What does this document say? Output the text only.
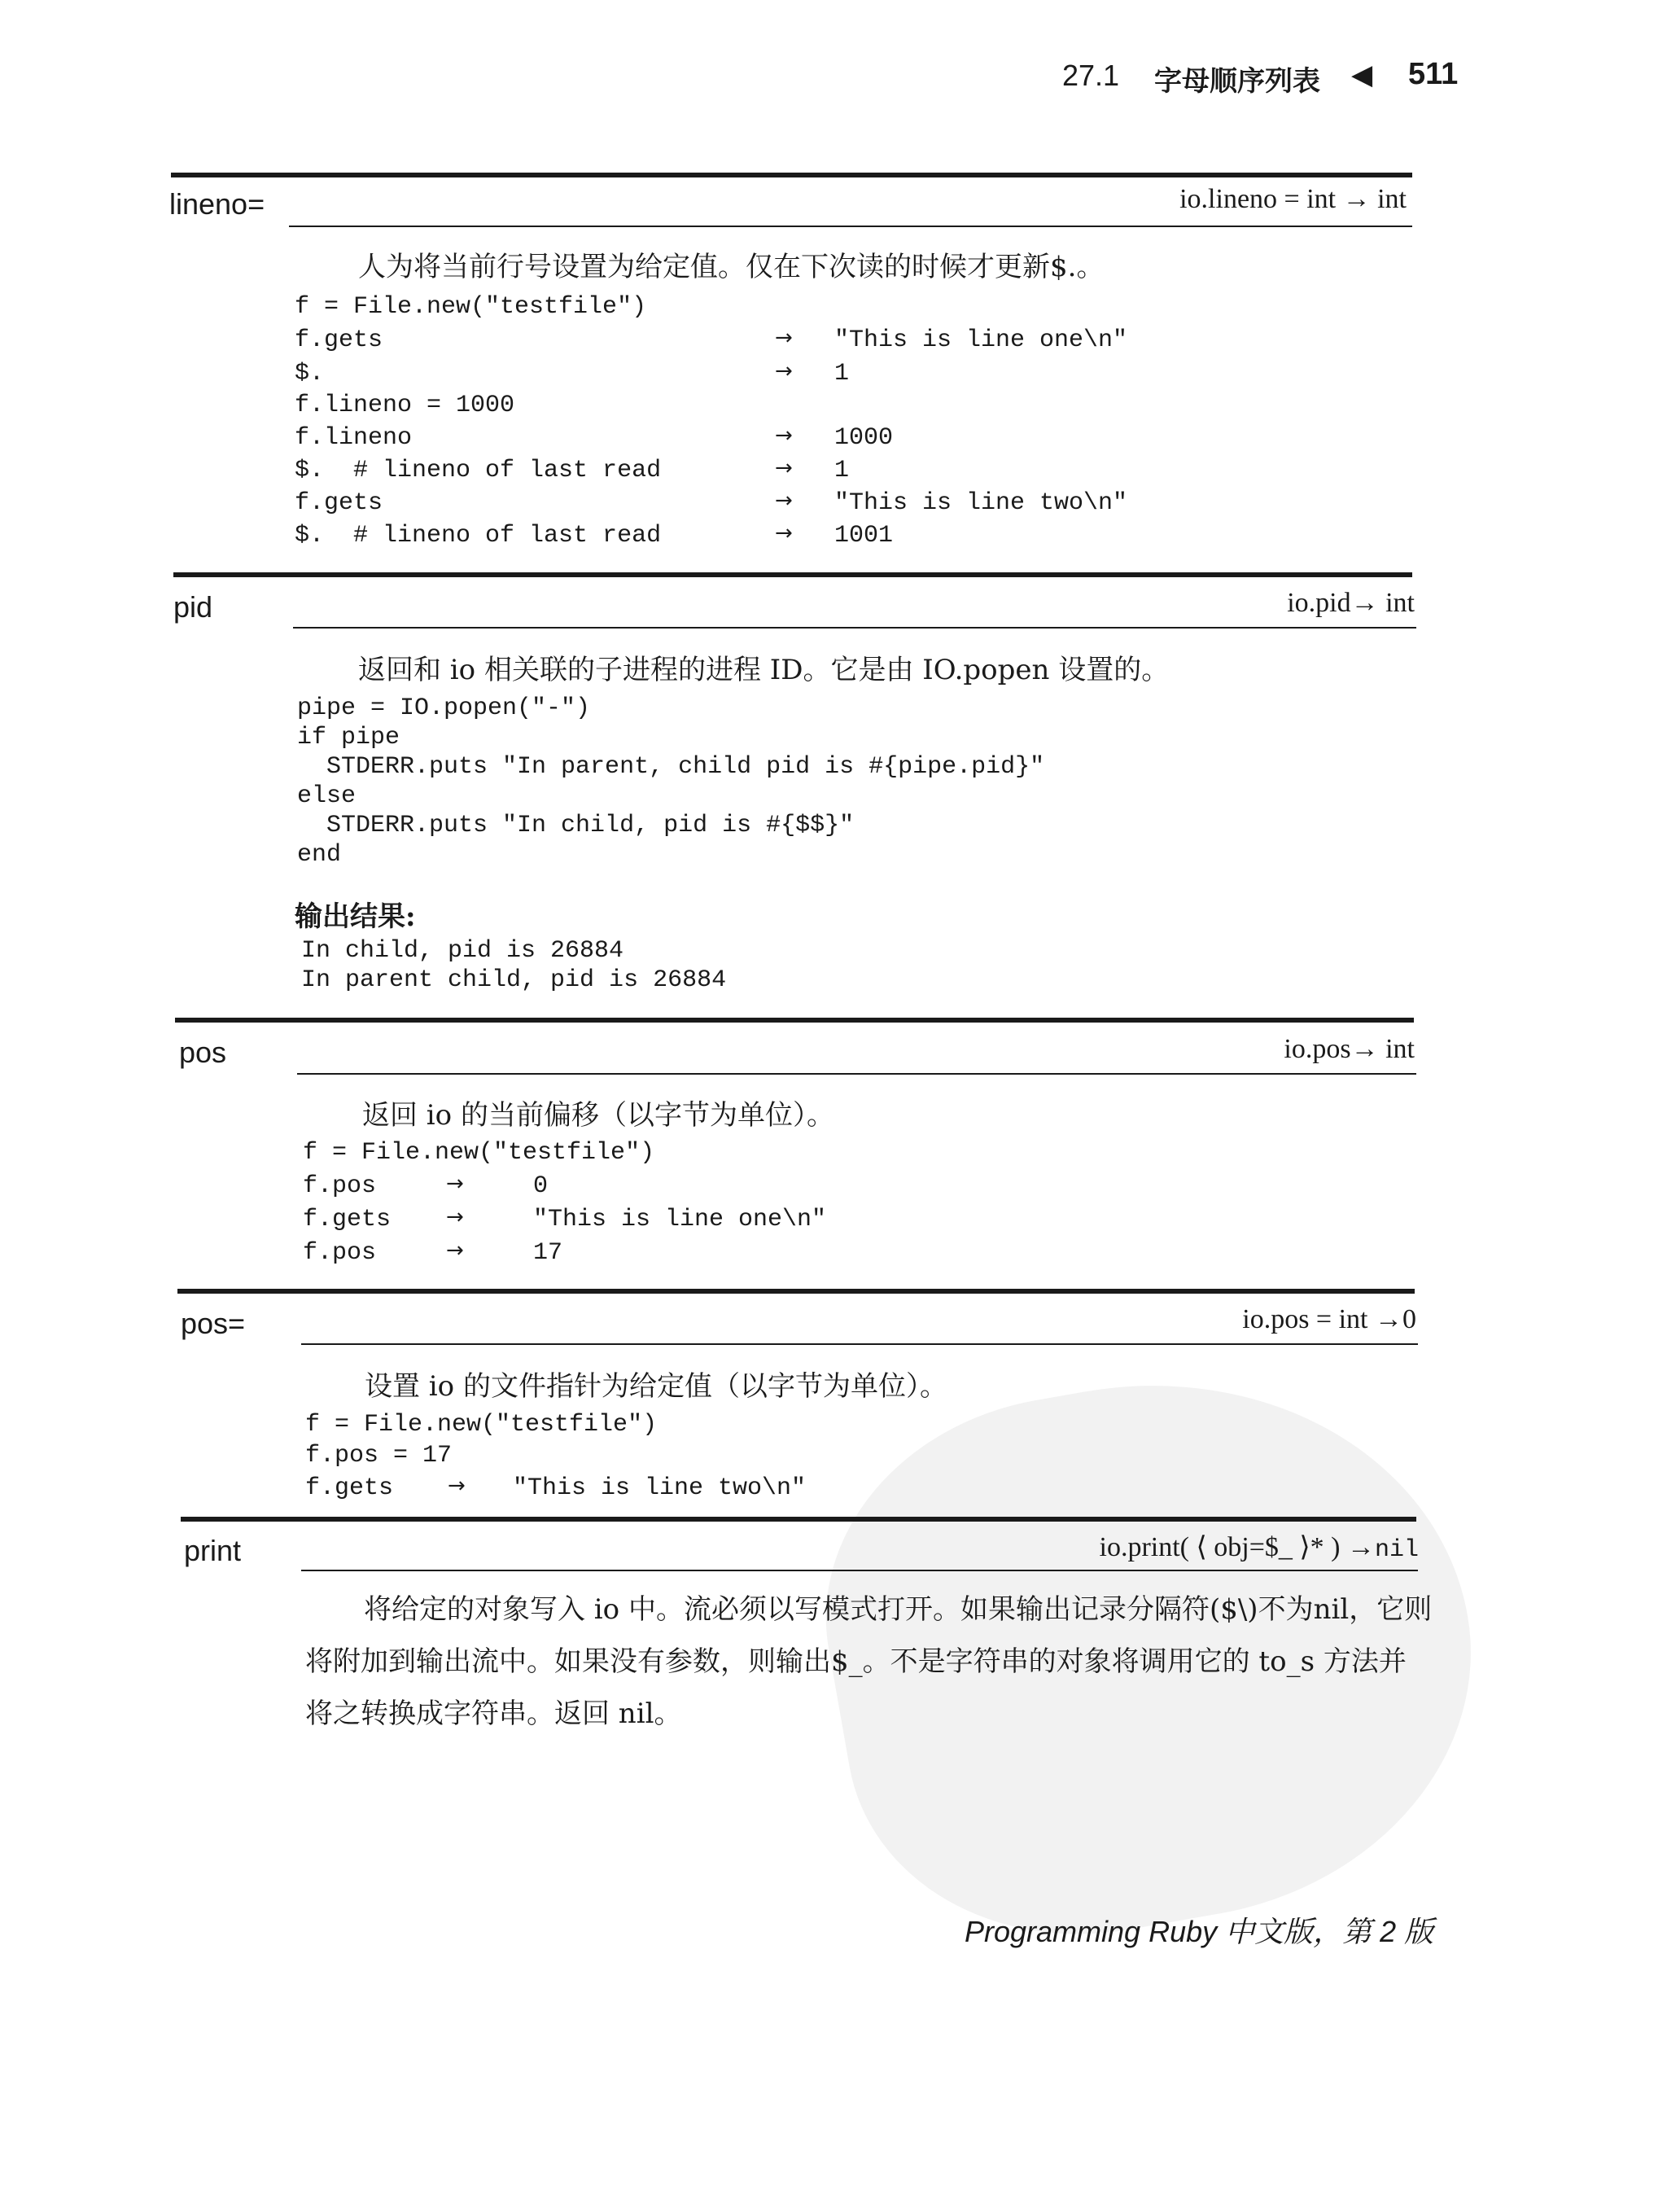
27.1 字母顺序列表 ◀ 511
lineno=	io.lineno = int → int
人为将当前行号设置为给定值。仅在下次读的时候才更新$.。
f = File.new("testfile")
f.gets	→ "This is line one\n"
$.	→ 1
f.lineno = 1000
f.lineno	→ 1000
$.  # lineno of last read	→ 1
f.gets	→ "This is line two\n"
$.  # lineno of last read	→ 1001
pid	io.pid→ int
返回和 io 相关联的子进程的进程 ID。它是由 IO.popen 设置的。
pipe = IO.popen("-")
if pipe
STDERR.puts "In parent, child pid is #{pipe.pid}"
else
STDERR.puts "In child, pid is #{$$}"
end
输出结果:
In child, pid is 26884
In parent child, pid is 26884
pos	io.pos→ int
返回 io 的当前偏移（以字节为单位）。
f = File.new("testfile")
f.pos	→	0
f.gets	→	"This is line one\n"
f.pos	→	17
pos=	io.pos = int →0
设置 io 的文件指针为给定值（以字节为单位）。
f = File.new("testfile")
f.pos = 17
f.gets	→ "This is line two\n"
print	io.print( ⟨ obj=$_ ⟩* ) →nil
将给定的对象写入 io 中。流必须以写模式打开。如果输出记录分隔符($\)不为nil，它则将附加到输出流中。如果没有参数，则输出$_。不是字符串的对象将调用它的 to_s 方法并将之转换成字符串。返回 nil。
Programming Ruby 中文版，第 2 版
